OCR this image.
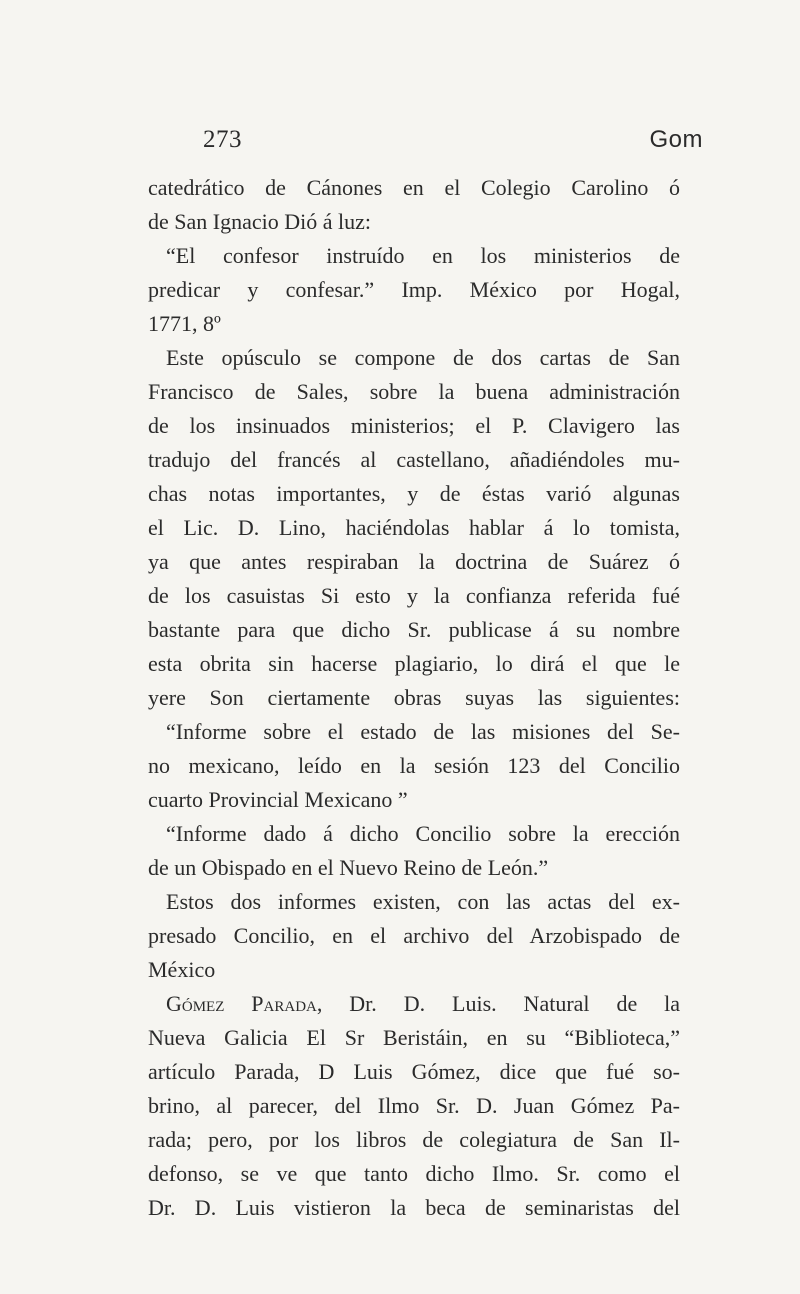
273	Gom
catedrático de Cánones en el Colegio Carolino ó
de San Ignacio Dió á luz:
“El confesor instruído en los ministerios de
predicar y confesar.” Imp. México por Hogal,
1771, 8º
Este opúsculo se compone de dos cartas de San
Francisco de Sales, sobre la buena administración
de los insinuados ministerios; el P. Clavigero las
tradujo del francés al castellano, añadiéndoles mu-
chas notas importantes, y de éstas varió algunas
el Lic. D. Lino, haciéndolas hablar á lo tomista,
ya que antes respiraban la doctrina de Suárez ó
de los casuistas Si esto y la confianza referida fué
bastante para que dicho Sr. publicase á su nombre
esta obrita sin hacerse plagiario, lo dirá el que le
yere Son ciertamente obras suyas las siguientes:
“Informe sobre el estado de las misiones del Se-
no mexicano, leído en la sesión 123 del Concilio
cuarto Provincial Mexicano ”
“Informe dado á dicho Concilio sobre la erección
de un Obispado en el Nuevo Reino de León.”
Estos dos informes existen, con las actas del ex-
presado Concilio, en el archivo del Arzobispado de
México
Gómez Parada, Dr. D. Luis. Natural de la
Nueva Galicia El Sr Beristáin, en su “Biblioteca,”
artículo Parada, D Luis Gómez, dice que fué so-
brino, al parecer, del Ilmo Sr. D. Juan Gómez Pa-
rada; pero, por los libros de colegiatura de San Il-
defonso, se ve que tanto dicho Ilmo. Sr. como el
Dr. D. Luis vistieron la beca de seminaristas del
